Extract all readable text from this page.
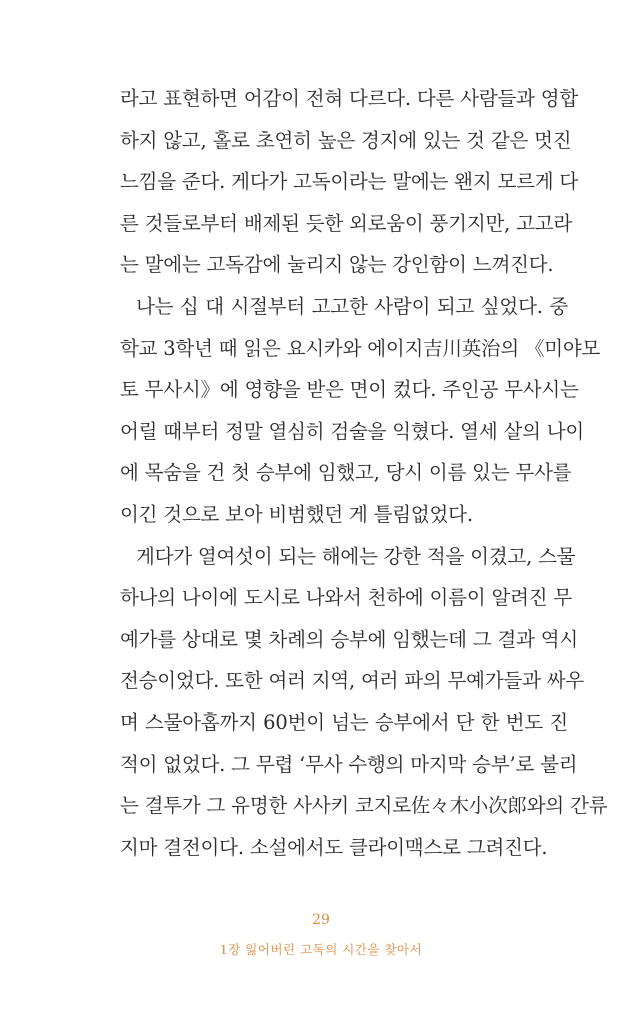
라고 표현하면 어감이 전혀 다르다. 다른 사람들과 영합
하지 않고, 홀로 초연히 높은 경지에 있는 것 같은 멋진
느낌을 준다. 게다가 고독이라는 말에는 왠지 모르게 다
른 것들로부터 배제된 듯한 외로움이 풍기지만, 고고라
는 말에는 고독감에 눌리지 않는 강인함이 느껴진다.
나는 십 대 시절부터 고고한 사람이 되고 싶었다. 중
학교 3학년 때 읽은 요시카와 에이지吉川英治의 《미야모
토 무사시》에 영향을 받은 면이 컸다. 주인공 무사시는
어릴 때부터 정말 열심히 검술을 익혔다. 열세 살의 나이
에 목숨을 건 첫 승부에 임했고, 당시 이름 있는 무사를
이긴 것으로 보아 비범했던 게 틀림없었다.
게다가 열여섯이 되는 해에는 강한 적을 이겼고, 스물
하나의 나이에 도시로 나와서 천하에 이름이 알려진 무
예가를 상대로 몇 차례의 승부에 임했는데 그 결과 역시
전승이었다. 또한 여러 지역, 여러 파의 무예가들과 싸우
며 스물아홉까지 60번이 넘는 승부에서 단 한 번도 진
적이 없었다. 그 무렵 ‘무사 수행의 마지막 승부’로 불리
는 결투가 그 유명한 사사키 코지로佐々木小次郎와의 간류
지마 결전이다. 소설에서도 클라이맥스로 그려진다.
29
1장 잃어버린 고독의 시간을 찾아서
